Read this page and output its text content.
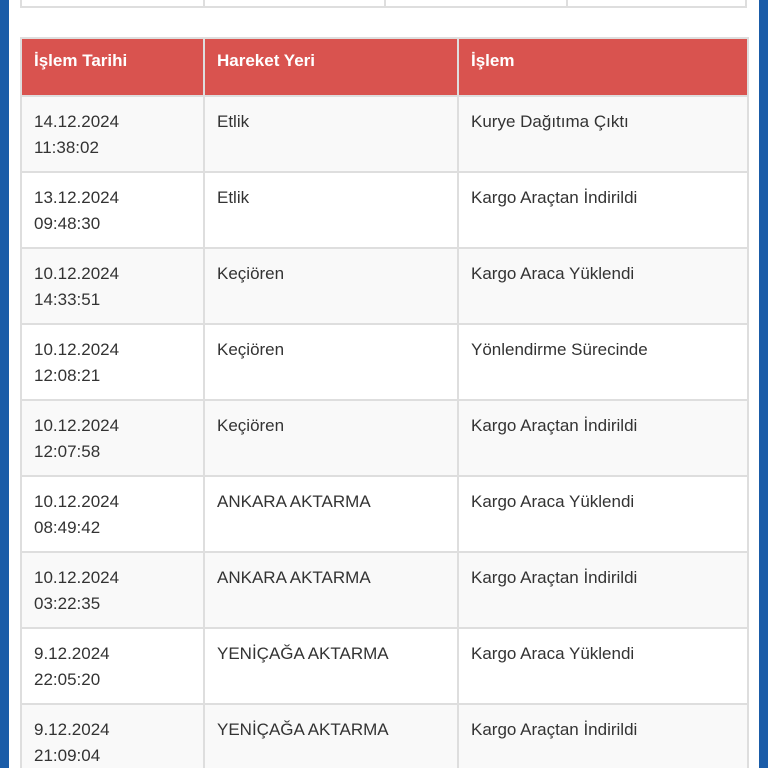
İşlem Tarihi	Hareket Yeri	İşlem

14.12.2024
11:38:02	Etlik	Kurye Dağıtıma Çıktı

13.12.2024
09:48:30	Etlik	Kargo Araçtan İndirildi

10.12.2024
14:33:51	Keçiören	Kargo Araca Yüklendi

10.12.2024
12:08:21	Keçiören	Yönlendirme Sürecinde

10.12.2024
12:07:58	Keçiören	Kargo Araçtan İndirildi

10.12.2024
08:49:42	ANKARA AKTARMA	Kargo Araca Yüklendi

10.12.2024
03:22:35	ANKARA AKTARMA	Kargo Araçtan İndirildi

9.12.2024
22:05:20	YENİÇAĞA AKTARMA	Kargo Araca Yüklendi

9.12.2024
21:09:04	YENİÇAĞA AKTARMA	Kargo Araçtan İndirildi
